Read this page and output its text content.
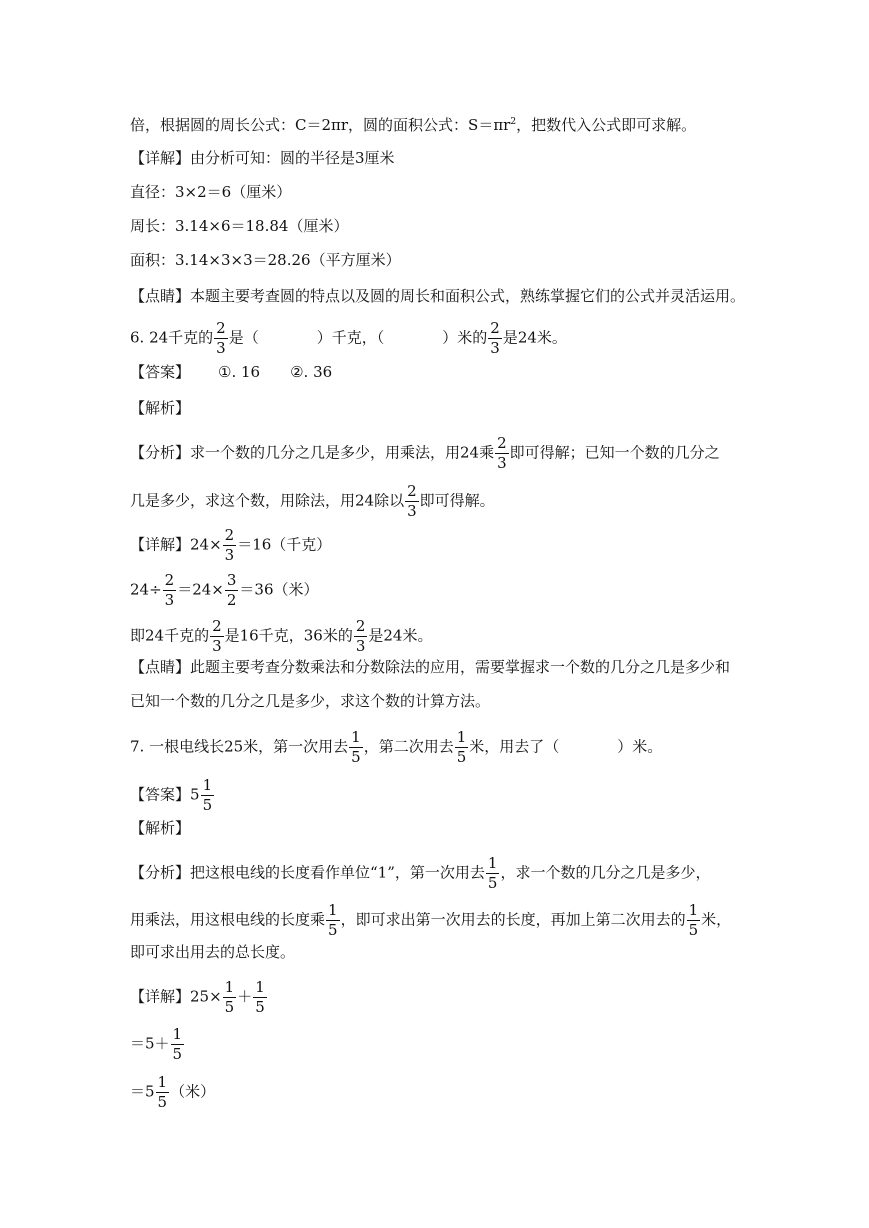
倍，根据圆的周长公式：C＝2πr，圆的面积公式：$S=\pi r^2$，把数代入公式即可求解。
【详解】由分析可知：圆的半径是3厘米
直径：3×2＝6（厘米）
周长：3.14×6＝18.84（厘米）
面积：3.14×3×3＝28.26（平方厘米）
【点睛】本题主要考查圆的特点以及圆的周长和面积公式，熟练掌握它们的公式并灵活运用。
6. 24千克的 $\frac{2}{3}$ 是（	）千克，（	）米的 $\frac{2}{3}$ 是24米。
【答案】 ①. 16 ②. 36
【解析】
【分析】求一个数的几分之几是多少，用乘法，用24乘 $\frac{2}{3}$ 即可得解；已知一个数的几分之
几是多少，求这个数，用除法，用24除以 $\frac{2}{3}$ 即可得解。
【详解】$24\times \frac{2}{3} =16$（千克）
$24\div \frac{2}{3} =24\times \frac{3}{2} =36$（米）
即24千克的 $\frac{2}{3}$ 是16千克，36米的 $\frac{2}{3}$ 是24米。
【点睛】此题主要考查分数乘法和分数除法的应用，需要掌握求一个数的几分之几是多少和
已知一个数的几分之几是多少，求这个数的计算方法。
7. 一根电线长25米，第一次用去 $\frac{1}{5}$ ，第二次用去 $\frac{1}{5}$ 米，用去了（	）米。
【答案】$5 \frac{1}{5}$
【解析】
【分析】把这根电线的长度看作单位“1”，第一次用去 $\frac{1}{5}$ ，求一个数的几分之几是多少，
用乘法，用这根电线的长度乘 $\frac{1}{5}$ ，即可求出第一次用去的长度，再加上第二次用去的 $\frac{1}{5}$ 米，
即可求出用去的总长度。
【详解】$25\times \frac{1}{5} + \frac{1}{5}$
$=5+ \frac{1}{5}$
$=5 \frac{1}{5}$ （米）
